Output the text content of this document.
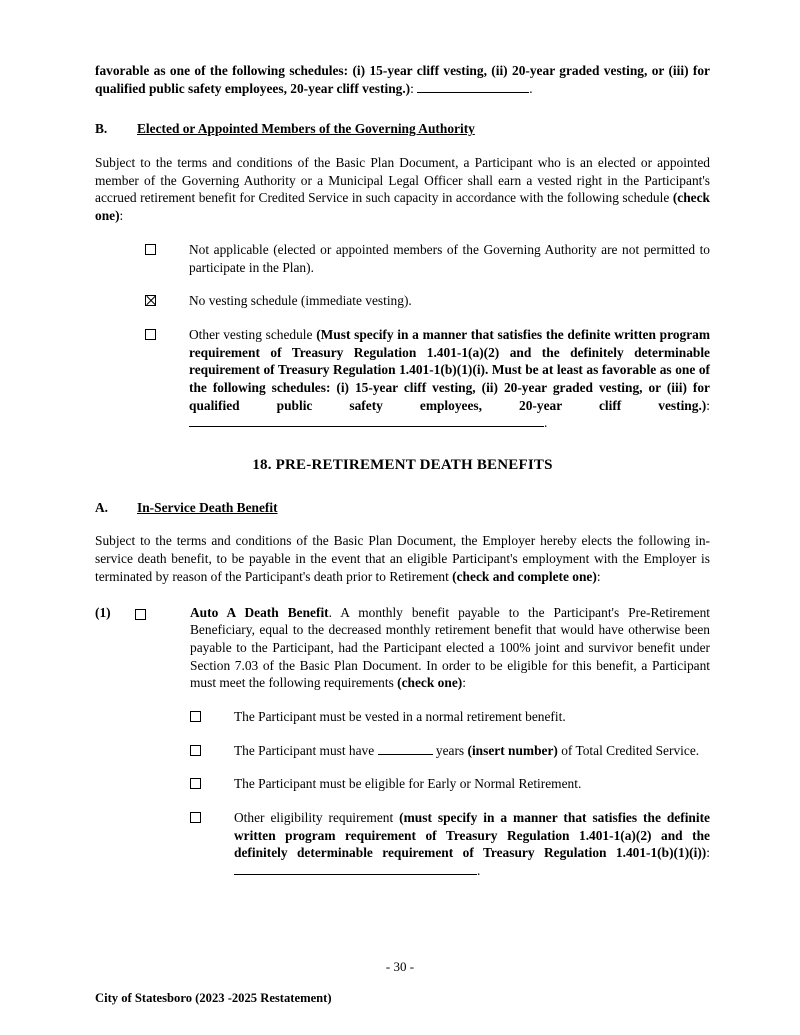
favorable as one of the following schedules: (i) 15-year cliff vesting, (ii) 20-year graded vesting, or (iii) for qualified public safety employees, 20-year cliff vesting.):	.

B. Elected or Appointed Members of the Governing Authority

Subject to the terms and conditions of the Basic Plan Document, a Participant who is an elected or appointed member of the Governing Authority or a Municipal Legal Officer shall earn a vested right in the Participant's accrued retirement benefit for Credited Service in such capacity in accordance with the following schedule (check one):

Not applicable (elected or appointed members of the Governing Authority are not permitted to participate in the Plan).
No vesting schedule (immediate vesting).
Other vesting schedule (Must specify in a manner that satisfies the definite written program requirement of Treasury Regulation 1.401-1(a)(2) and the definitely determinable requirement of Treasury Regulation 1.401-1(b)(1)(i). Must be at least as favorable as one of the following schedules: (i) 15-year cliff vesting, (ii) 20-year graded vesting, or (iii) for qualified public safety employees, 20-year cliff vesting.): .
18. PRE-RETIREMENT DEATH BENEFITS
A. In-Service Death Benefit

Subject to the terms and conditions of the Basic Plan Document, the Employer hereby elects the following in-service death benefit, to be payable in the event that an eligible Participant's employment with the Employer is terminated by reason of the Participant's death prior to Retirement (check and complete one):

(1)	Auto A Death Benefit. A monthly benefit payable to the Participant's Pre-Retirement Beneficiary, equal to the decreased monthly retirement benefit that would have otherwise been payable to the Participant, had the Participant elected a 100% joint and survivor benefit under Section 7.03 of the Basic Plan Document. In order to be eligible for this benefit, a Participant must meet the following requirements (check one):

The Participant must be vested in a normal retirement benefit.
The Participant must have	years (insert number) of Total Credited Service.
The Participant must be eligible for Early or Normal Retirement.
Other eligibility requirement (must specify in a manner that satisfies the definite written program requirement of Treasury Regulation 1.401-1(a)(2) and the definitely determinable requirement of Treasury Regulation 1.401-1(b)(1)(i)): .
- 30 -
City of Statesboro (2023 -2025 Restatement)
